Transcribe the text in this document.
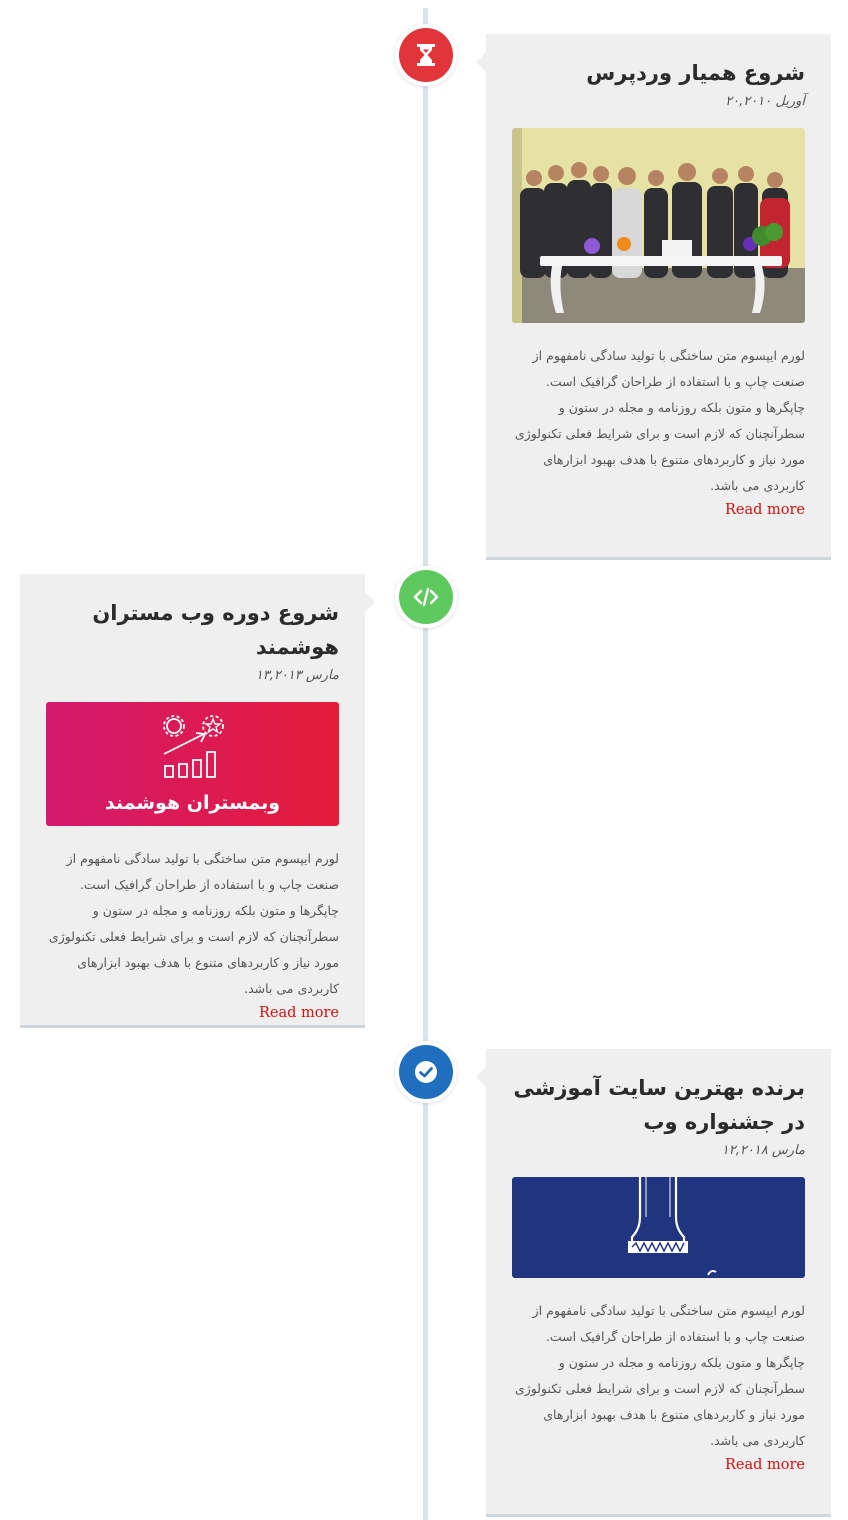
شروع همیار وردپرس
آوریل ۲۰,۲۰۱۰
لورم ایپسوم متن ساختگی با تولید سادگی نامفهوم از صنعت چاپ و با استفاده از طراحان گرافیک است. چاپگرها و متون بلکه روزنامه و مجله در ستون و سطرآنچنان که لازم است و برای شرایط فعلی تکنولوژی مورد نیاز و کاربردهای متنوع با هدف بهبود ابزارهای کاربردی می باشد.
Read more
شروع دوره وب مستران هوشمند
مارس ۱۳,۲۰۱۳
وبمستران هوشمند
لورم ایپسوم متن ساختگی با تولید سادگی نامفهوم از صنعت چاپ و با استفاده از طراحان گرافیک است. چاپگرها و متون بلکه روزنامه و مجله در ستون و سطرآنچنان که لازم است و برای شرایط فعلی تکنولوژی مورد نیاز و کاربردهای متنوع با هدف بهبود ابزارهای کاربردی می باشد.
Read more
برنده بهترین سایت آموزشی در جشنواره وب
مارس ۱۲,۲۰۱۸
لورم ایپسوم متن ساختگی با تولید سادگی نامفهوم از صنعت چاپ و با استفاده از طراحان گرافیک است. چاپگرها و متون بلکه روزنامه و مجله در ستون و سطرآنچنان که لازم است و برای شرایط فعلی تکنولوژی مورد نیاز و کاربردهای متنوع با هدف بهبود ابزارهای کاربردی می باشد.
Read more
